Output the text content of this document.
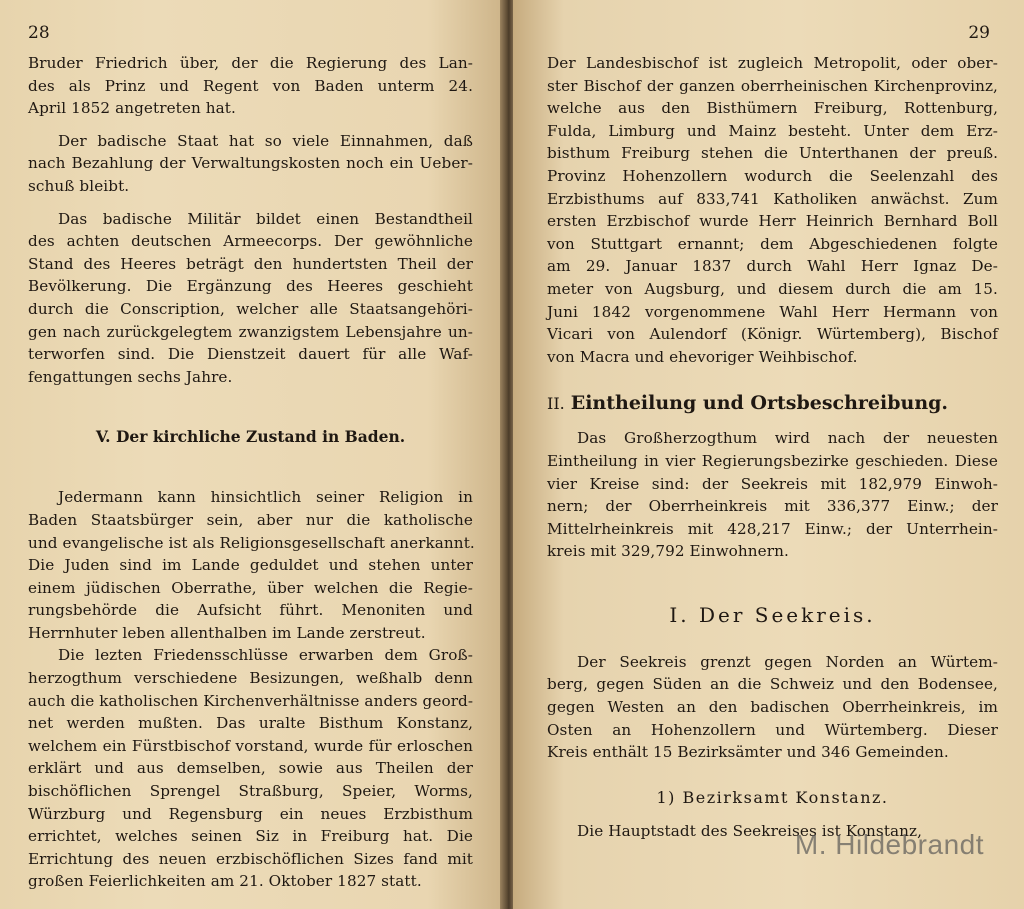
28
Bruder Friedrich über, der die Regierung des Lan-
des als Prinz und Regent von Baden unterm 24.
April 1852 angetreten hat.
Der badische Staat hat so viele Einnahmen, daß
nach Bezahlung der Verwaltungskosten noch ein Ueber-
schuß bleibt.
Das badische Militär bildet einen Bestandtheil
des achten deutschen Armeecorps. Der gewöhnliche
Stand des Heeres beträgt den hundertsten Theil der
Bevölkerung. Die Ergänzung des Heeres geschieht
durch die Conscription, welcher alle Staatsangehöri-
gen nach zurückgelegtem zwanzigstem Lebensjahre un-
terworfen sind. Die Dienstzeit dauert für alle Waf-
fengattungen sechs Jahre.
V. Der kirchliche Zustand in Baden.
Jedermann kann hinsichtlich seiner Religion in
Baden Staatsbürger sein, aber nur die katholische
und evangelische ist als Religionsgesellschaft anerkannt.
Die Juden sind im Lande geduldet und stehen unter
einem jüdischen Oberrathe, über welchen die Regie-
rungsbehörde die Aufsicht führt. Menoniten und
Herrnhuter leben allenthalben im Lande zerstreut.
Die lezten Friedensschlüsse erwarben dem Groß-
herzogthum verschiedene Besizungen, weßhalb denn
auch die katholischen Kirchenverhältnisse anders geord-
net werden mußten. Das uralte Bisthum Konstanz,
welchem ein Fürstbischof vorstand, wurde für erloschen
erklärt und aus demselben, sowie aus Theilen der
bischöflichen Sprengel Straßburg, Speier, Worms,
Würzburg und Regensburg ein neues Erzbisthum
errichtet, welches seinen Siz in Freiburg hat. Die
Errichtung des neuen erzbischöflichen Sizes fand mit
großen Feierlichkeiten am 21. Oktober 1827 statt.
29
Der Landesbischof ist zugleich Metropolit, oder ober-
ster Bischof der ganzen oberrheinischen Kirchenprovinz,
welche aus den Bisthümern Freiburg, Rottenburg,
Fulda, Limburg und Mainz besteht. Unter dem Erz-
bisthum Freiburg stehen die Unterthanen der preuß.
Provinz Hohenzollern wodurch die Seelenzahl des
Erzbisthums auf 833,741 Katholiken anwächst. Zum
ersten Erzbischof wurde Herr Heinrich Bernhard Boll
von Stuttgart ernannt; dem Abgeschiedenen folgte
am 29. Januar 1837 durch Wahl Herr Ignaz De-
meter von Augsburg, und diesem durch die am 15.
Juni 1842 vorgenommene Wahl Herr Hermann von
Vicari von Aulendorf (Königr. Würtemberg), Bischof
von Macra und ehevoriger Weihbischof.
II. Eintheilung und Ortsbeschreibung.
Das Großherzogthum wird nach der neuesten
Eintheilung in vier Regierungsbezirke geschieden. Diese
vier Kreise sind: der Seekreis mit 182,979 Einwoh-
nern; der Oberrheinkreis mit 336,377 Einw.; der
Mittelrheinkreis mit 428,217 Einw.; der Unterrhein-
kreis mit 329,792 Einwohnern.
I. Der Seekreis.
Der Seekreis grenzt gegen Norden an Würtem-
berg, gegen Süden an die Schweiz und den Bodensee,
gegen Westen an den badischen Oberrheinkreis, im
Osten an Hohenzollern und Würtemberg. Dieser
Kreis enthält 15 Bezirksämter und 346 Gemeinden.
1) Bezirksamt Konstanz.
Die Hauptstadt des Seekreises ist Konstanz,
M. Hildebrandt
